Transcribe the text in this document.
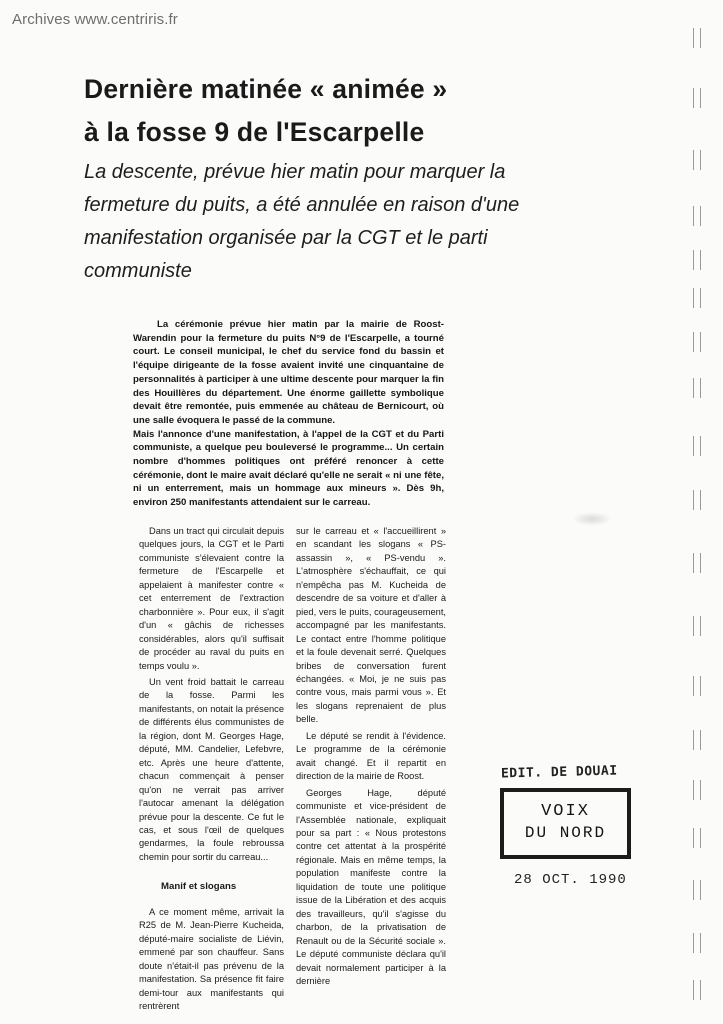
Archives www.centriris.fr
Dernière matinée « animée »
à la fosse 9 de l'Escarpelle
La descente, prévue hier matin pour marquer la fermeture du puits, a été annulée en raison d'une manifestation organisée par la CGT et le parti communiste
La cérémonie prévue hier matin par la mairie de Roost-Warendin pour la fermeture du puits N°9 de l'Escarpelle, a tourné court. Le conseil municipal, le chef du service fond du bassin et l'équipe dirigeante de la fosse avaient invité une cinquantaine de personnalités à participer à une ultime descente pour marquer la fin des Houillères du département. Une énorme gaillette symbolique devait être remontée, puis emmenée au château de Bernicourt, où une salle évoquera le passé de la commune.
Mais l'annonce d'une manifestation, à l'appel de la CGT et du Parti communiste, a quelque peu bouleversé le programme... Un certain nombre d'hommes politiques ont préféré renoncer à cette cérémonie, dont le maire avait déclaré qu'elle ne serait « ni une fête, ni un enterrement, mais un hommage aux mineurs ». Dès 9h, environ 250 manifestants attendaient sur le carreau.

Dans un tract qui circulait depuis quelques jours, la CGT et le Parti communiste s'élevaient contre la fermeture de l'Escarpelle et appelaient à manifester contre « cet enterrement de l'extraction charbonnière ». Pour eux, il s'agit d'un « gâchis de richesses considérables, alors qu'il suffisait de procéder au raval du puits en temps voulu ».

Un vent froid battait le carreau de la fosse. Parmi les manifestants, on notait la présence de différents élus communistes de la région, dont M. Georges Hage, député, MM. Candelier, Lefebvre, etc. Après une heure d'attente, chacun commençait à penser qu'on ne verrait pas arriver l'autocar amenant la délégation prévue pour la descente. Ce fut le cas, et sous l'œil de quelques gendarmes, la foule rebroussa chemin pour sortir du carreau...

Manif et slogans

A ce moment même, arrivait la R25 de M. Jean-Pierre Kucheida, député-maire socialiste de Liévin, emmené par son chauffeur. Sans doute n'était-il pas prévenu de la manifestation. Sa présence fit faire demi-tour aux manifestants qui rentrèrent

sur le carreau et « l'accueillirent » en scandant les slogans « PS-assassin », « PS-vendu ». L'atmosphère s'échauffait, ce qui n'empêcha pas M. Kucheida de descendre de sa voiture et d'aller à pied, vers le puits, courageusement, accompagné par les manifestants. Le contact entre l'homme politique et la foule devenait serré. Quelques bribes de conversation furent échangées. « Moi, je ne suis pas contre vous, mais parmi vous ». Et les slogans reprenaient de plus belle.

Le député se rendit à l'évidence. Le programme de la cérémonie avait changé. Et il repartit en direction de la mairie de Roost.

Georges Hage, député communiste et vice-président de l'Assemblée nationale, expliquait pour sa part : « Nous protestons contre cet attentat à la prospérité régionale. Mais en même temps, la population manifeste contre la liquidation de toute une politique issue de la Libération et des acquis des travailleurs, qu'il s'agisse du charbon, de la privatisation de Renault ou de la Sécurité sociale ». Le député communiste déclara qu'il devait normalement participer à la dernière

EDIT. DE DOUAI
VOIX
DU NORD
28 OCT. 1990
